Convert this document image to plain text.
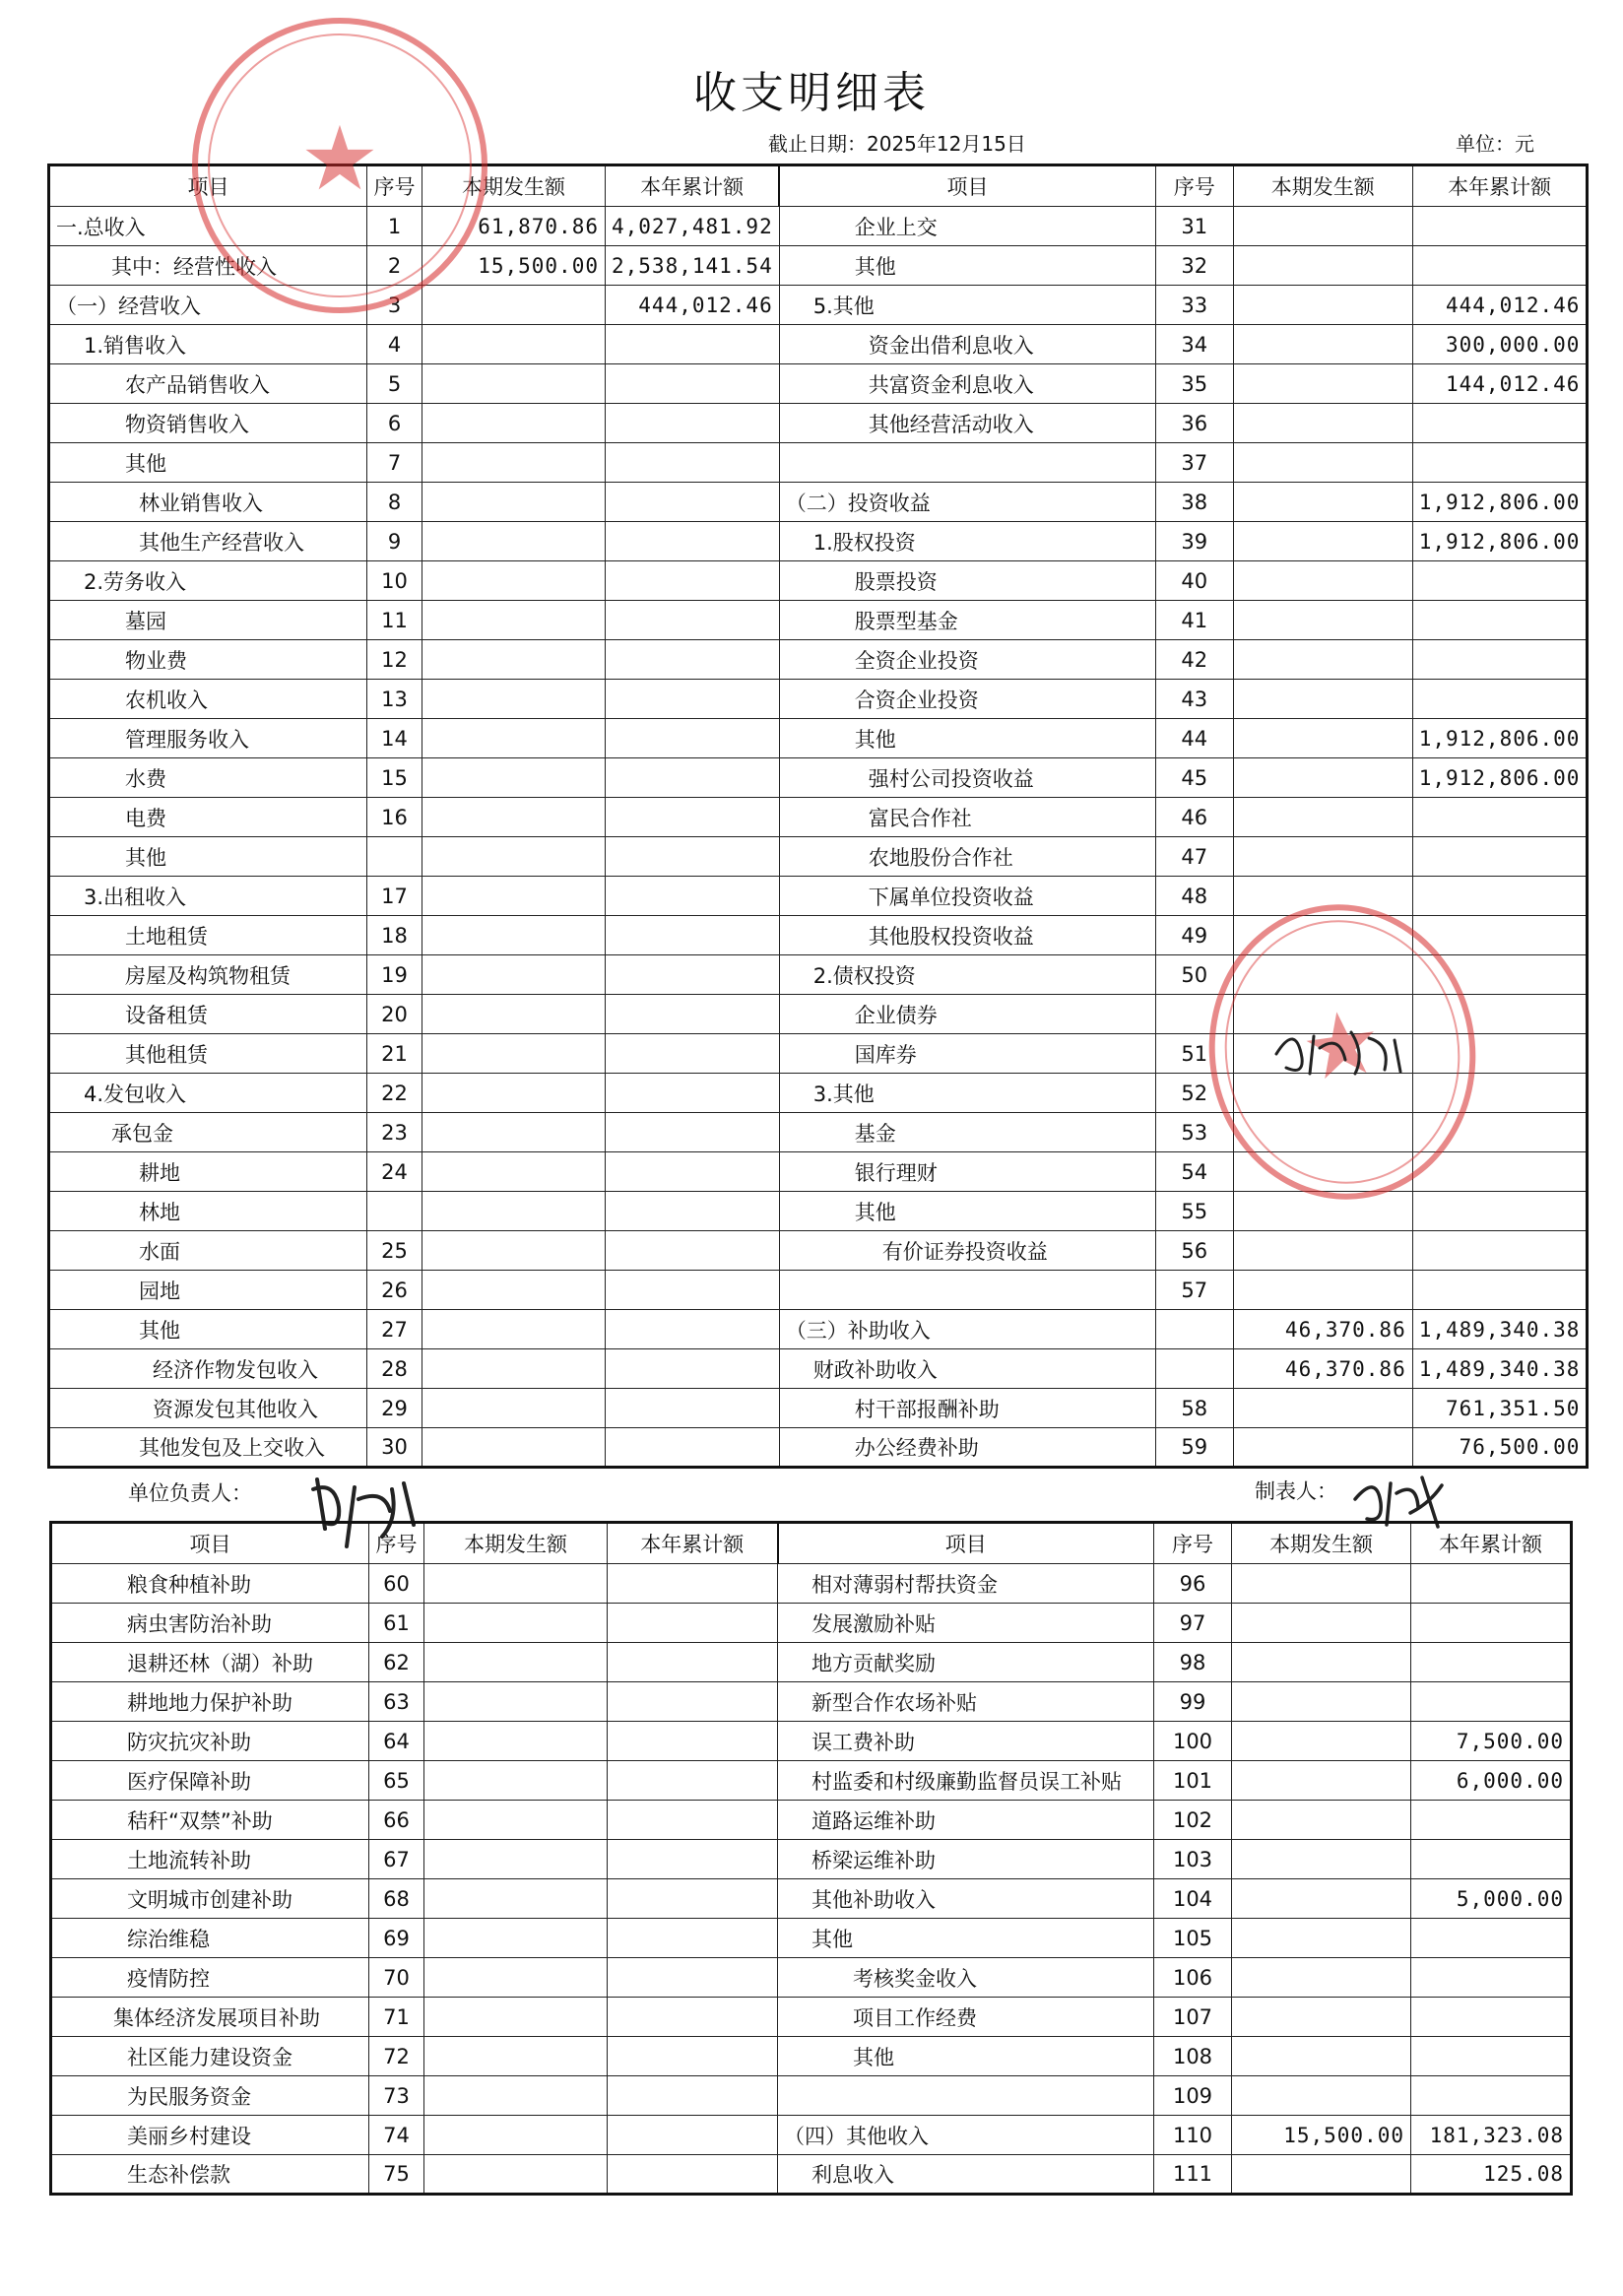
收支明细表
截止日期：2025年12月15日	单位：元
项目	序号	本期发生额	本年累计额	项目	序号	本期发生额	本年累计额
一.总收入	1	61,870.86	4,027,481.92	企业上交	31		
其中：经营性收入	2	15,500.00	2,538,141.54	其他	32		
（一）经营收入	3		444,012.46	5.其他	33		444,012.46
1.销售收入	4			资金出借利息收入	34		300,000.00
农产品销售收入	5			共富资金利息收入	35		144,012.46
物资销售收入	6			其他经营活动收入	36		
其他	7				37		
林业销售收入	8			（二）投资收益	38		1,912,806.00
其他生产经营收入	9			1.股权投资	39		1,912,806.00
2.劳务收入	10			股票投资	40		
墓园	11			股票型基金	41		
物业费	12			全资企业投资	42		
农机收入	13			合资企业投资	43		
管理服务收入	14			其他	44		1,912,806.00
水费	15			强村公司投资收益	45		1,912,806.00
电费	16			富民合作社	46		
其他				农地股份合作社	47		
3.出租收入	17			下属单位投资收益	48		
土地租赁	18			其他股权投资收益	49		
房屋及构筑物租赁	19			2.债权投资	50		
设备租赁	20			企业债券			
其他租赁	21			国库券	51		
4.发包收入	22			3.其他	52		
承包金	23			基金	53		
耕地	24			银行理财	54		
林地				其他	55		
水面	25			有价证券投资收益	56		
园地	26				57		
其他	27			（三）补助收入		46,370.86	1,489,340.38
经济作物发包收入	28			财政补助收入		46,370.86	1,489,340.38
资源发包其他收入	29			村干部报酬补助	58		761,351.50
其他发包及上交收入	30			办公经费补助	59		76,500.00
单位负责人：	制表人：
项目	序号	本期发生额	本年累计额	项目	序号	本期发生额	本年累计额
粮食种植补助	60			相对薄弱村帮扶资金	96		
病虫害防治补助	61			发展激励补贴	97		
退耕还林（湖）补助	62			地方贡献奖励	98		
耕地地力保护补助	63			新型合作农场补贴	99		
防灾抗灾补助	64			误工费补助	100		7,500.00
医疗保障补助	65			村监委和村级廉勤监督员误工补贴	101		6,000.00
秸秆“双禁”补助	66			道路运维补助	102		
土地流转补助	67			桥梁运维补助	103		
文明城市创建补助	68			其他补助收入	104		5,000.00
综治维稳	69			其他	105		
疫情防控	70			考核奖金收入	106		
集体经济发展项目补助	71			项目工作经费	107		
社区能力建设资金	72			其他	108		
为民服务资金	73				109		
美丽乡村建设	74			（四）其他收入	110	15,500.00	181,323.08
生态补偿款	75			利息收入	111		125.08
★
★
